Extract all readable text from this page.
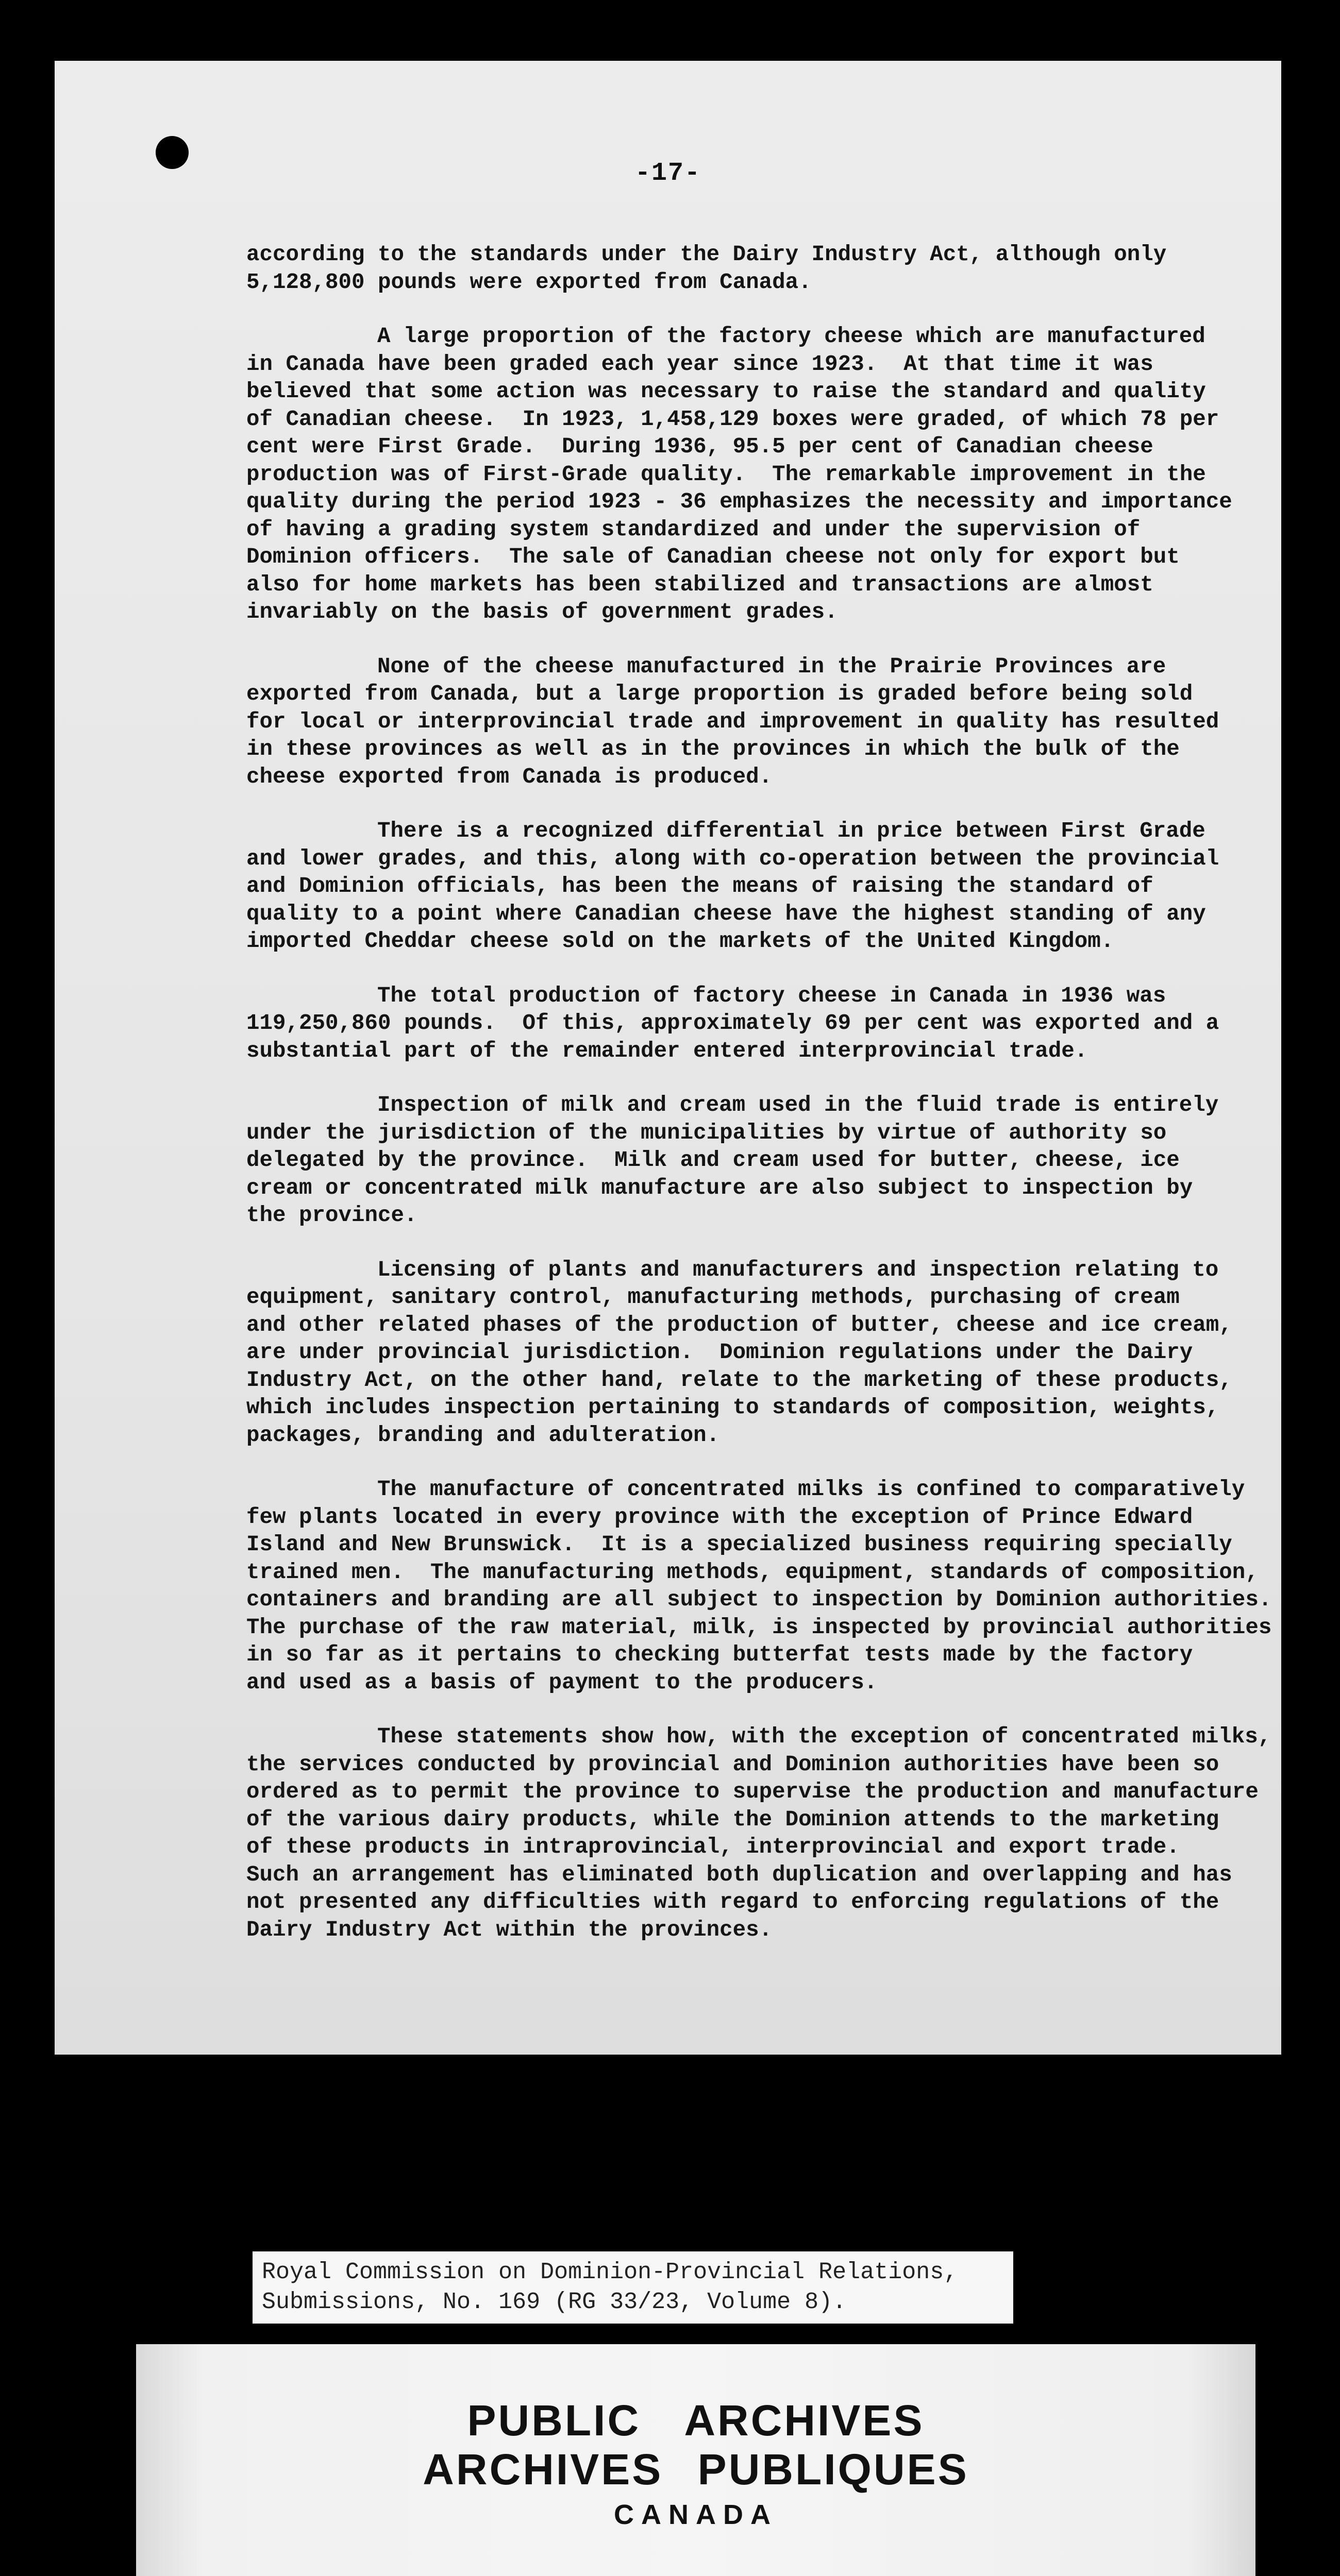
-17-
according to the standards under the Dairy Industry Act, although only
5,128,800 pounds were exported from Canada.
A large proportion of the factory cheese which are manufactured
in Canada have been graded each year since 1923.  At that time it was
believed that some action was necessary to raise the standard and quality
of Canadian cheese.  In 1923, 1,458,129 boxes were graded, of which 78 per
cent were First Grade.  During 1936, 95.5 per cent of Canadian cheese
production was of First-Grade quality.  The remarkable improvement in the
quality during the period 1923 - 36 emphasizes the necessity and importance
of having a grading system standardized and under the supervision of
Dominion officers.  The sale of Canadian cheese not only for export but
also for home markets has been stabilized and transactions are almost
invariably on the basis of government grades.
None of the cheese manufactured in the Prairie Provinces are
exported from Canada, but a large proportion is graded before being sold
for local or interprovincial trade and improvement in quality has resulted
in these provinces as well as in the provinces in which the bulk of the
cheese exported from Canada is produced.
There is a recognized differential in price between First Grade
and lower grades, and this, along with co-operation between the provincial
and Dominion officials, has been the means of raising the standard of
quality to a point where Canadian cheese have the highest standing of any
imported Cheddar cheese sold on the markets of the United Kingdom.
The total production of factory cheese in Canada in 1936 was
119,250,860 pounds.  Of this, approximately 69 per cent was exported and a
substantial part of the remainder entered interprovincial trade.
Inspection of milk and cream used in the fluid trade is entirely
under the jurisdiction of the municipalities by virtue of authority so
delegated by the province.  Milk and cream used for butter, cheese, ice
cream or concentrated milk manufacture are also subject to inspection by
the province.
Licensing of plants and manufacturers and inspection relating to
equipment, sanitary control, manufacturing methods, purchasing of cream
and other related phases of the production of butter, cheese and ice cream,
are under provincial jurisdiction.  Dominion regulations under the Dairy
Industry Act, on the other hand, relate to the marketing of these products,
which includes inspection pertaining to standards of composition, weights,
packages, branding and adulteration.
The manufacture of concentrated milks is confined to comparatively
few plants located in every province with the exception of Prince Edward
Island and New Brunswick.  It is a specialized business requiring specially
trained men.  The manufacturing methods, equipment, standards of composition,
containers and branding are all subject to inspection by Dominion authorities.
The purchase of the raw material, milk, is inspected by provincial authorities
in so far as it pertains to checking butterfat tests made by the factory
and used as a basis of payment to the producers.
These statements show how, with the exception of concentrated milks,
the services conducted by provincial and Dominion authorities have been so
ordered as to permit the province to supervise the production and manufacture
of the various dairy products, while the Dominion attends to the marketing
of these products in intraprovincial, interprovincial and export trade.
Such an arrangement has eliminated both duplication and overlapping and has
not presented any difficulties with regard to enforcing regulations of the
Dairy Industry Act within the provinces.
Royal Commission on Dominion-Provincial Relations,
Submissions, No. 169 (RG 33/23, Volume 8).
PUBLIC ARCHIVES
ARCHIVES PUBLIQUES
CANADA
